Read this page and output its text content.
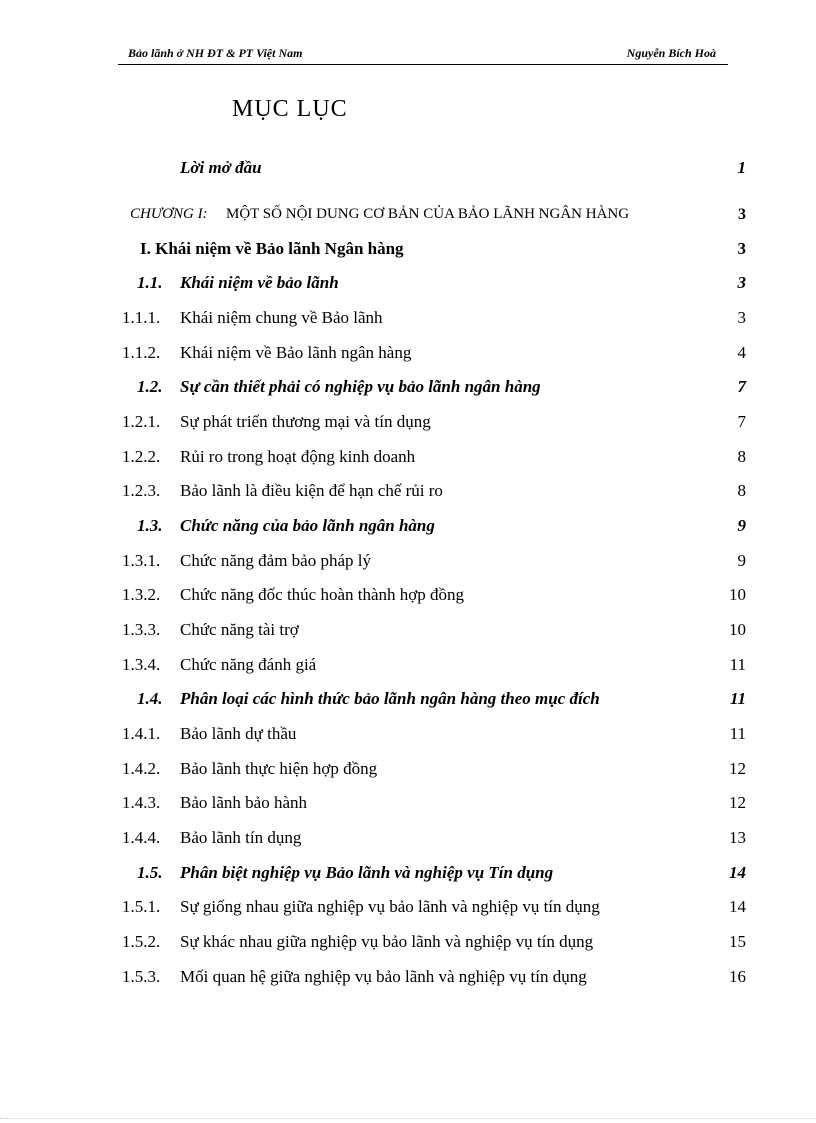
Bảo lãnh ở NH ĐT & PT Việt Nam	Nguyễn Bích Hoà
MỤC LỤC
Lời mở đầu	1
CHƯƠNG I: MỘT SỐ NỘI DUNG CƠ BẢN CỦA BẢO LÃNH NGÂN HÀNG	3
I. Khái niệm về Bảo lãnh Ngân hàng	3
1.1. Khái niệm về bảo lãnh	3
1.1.1. Khái niệm chung về Bảo lãnh	3
1.1.2. Khái niệm về Bảo lãnh ngân hàng	4
1.2. Sự cần thiết phải có nghiệp vụ bảo lãnh ngân hàng	7
1.2.1. Sự phát triển thương mại và tín dụng	7
1.2.2. Rủi ro trong hoạt động kinh doanh	8
1.2.3. Bảo lãnh là điều kiện để hạn chế rủi ro	8
1.3. Chức năng của bảo lãnh ngân hàng	9
1.3.1. Chức năng đảm bảo pháp lý	9
1.3.2. Chức năng đốc thúc hoàn thành hợp đồng	10
1.3.3. Chức năng tài trợ	10
1.3.4. Chức năng đánh giá	11
1.4. Phân loại các hình thức bảo lãnh ngân hàng theo mục đích	11
1.4.1. Bảo lãnh dự thầu	11
1.4.2. Bảo lãnh thực hiện hợp đồng	12
1.4.3. Bảo lãnh bảo hành	12
1.4.4. Bảo lãnh tín dụng	13
1.5. Phân biệt nghiệp vụ Bảo lãnh và nghiệp vụ Tín dụng	14
1.5.1. Sự giống nhau giữa nghiệp vụ bảo lãnh và nghiệp vụ tín dụng	14
1.5.2. Sự khác nhau giữa nghiệp vụ bảo lãnh và nghiệp vụ tín dụng	15
1.5.3. Mối quan hệ giữa nghiệp vụ bảo lãnh và nghiệp vụ tín dụng	16
